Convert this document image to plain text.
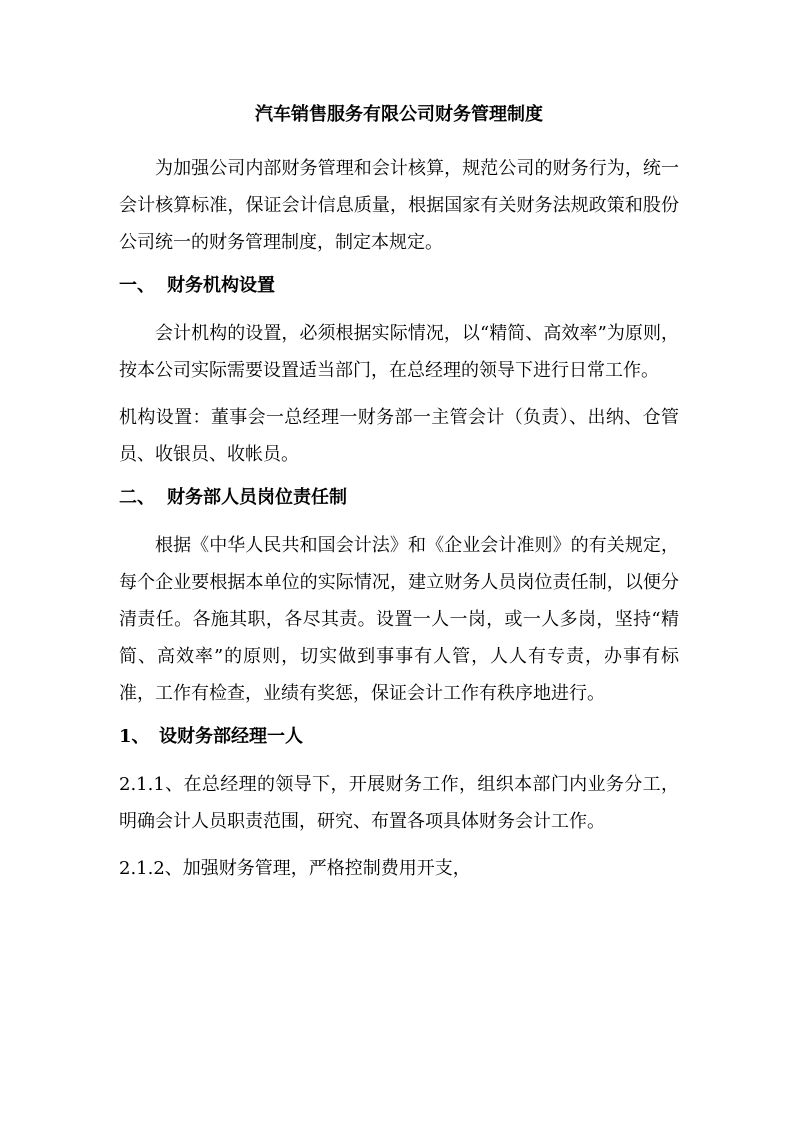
汽车销售服务有限公司财务管理制度

为加强公司内部财务管理和会计核算，规范公司的财务行为，统一会计核算标准，保证会计信息质量，根据国家有关财务法规政策和股份公司统一的财务管理制度，制定本规定。

一、 财务机构设置

会计机构的设置，必须根据实际情况，以“精简、高效率”为原则，按本公司实际需要设置适当部门，在总经理的领导下进行日常工作。

机构设置：董事会一总经理一财务部一主管会计（负责）、出纳、仓管员、收银员、收帐员。

二、 财务部人员岗位责任制

根据《中华人民共和国会计法》和《企业会计准则》的有关规定，每个企业要根据本单位的实际情况，建立财务人员岗位责任制，以便分清责任。各施其职，各尽其责。设置一人一岗，或一人多岗，坚持“精简、高效率”的原则，切实做到事事有人管，人人有专责，办事有标准，工作有检查，业绩有奖惩，保证会计工作有秩序地进行。

1、 设财务部经理一人

2.1.1、在总经理的领导下，开展财务工作，组织本部门内业务分工，明确会计人员职责范围，研究、布置各项具体财务会计工作。

2.1.2、加强财务管理，严格控制费用开支，
